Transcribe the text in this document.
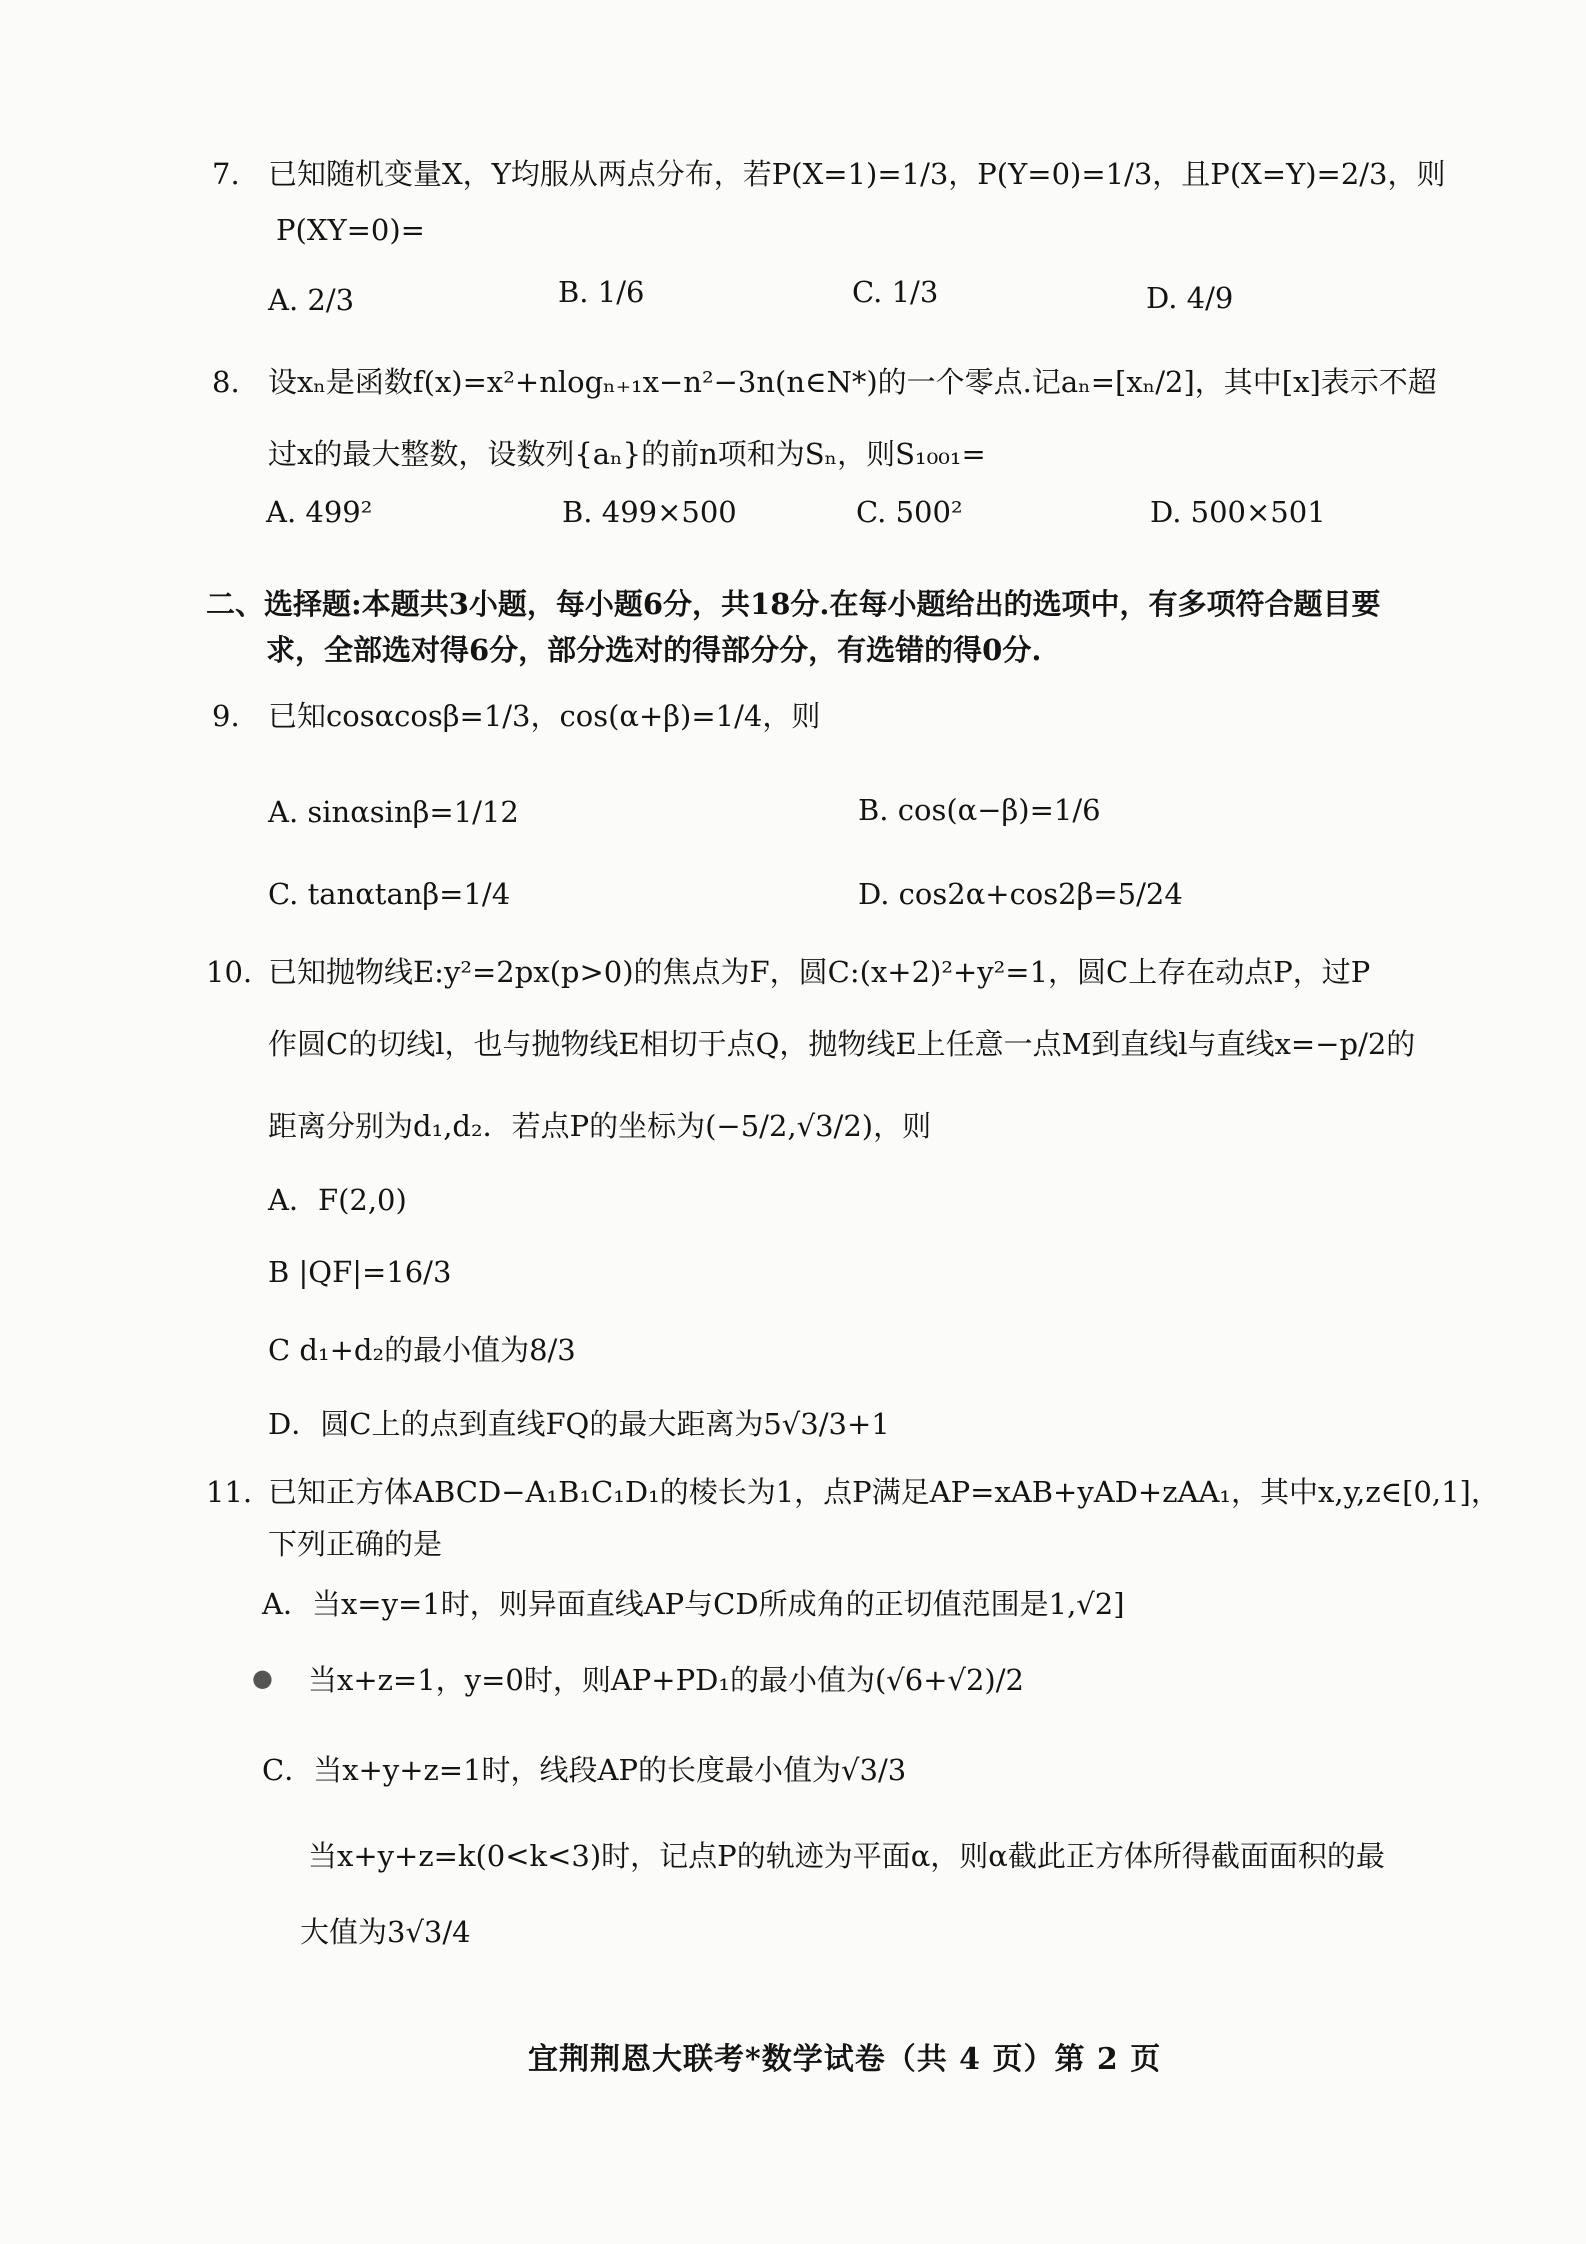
7. 已知随机变量X，Y均服从两点分布，若P(X=1)=1/3，P(Y=0)=1/3，且P(X=Y)=2/3，则
P(XY=0)=
A. 2/3	B. 1/6	C. 1/3	D. 4/9
8. 设xₙ是函数f(x)=x²+nlogₙ₊₁x−n²−3n(n∈N*)的一个零点.记aₙ=[xₙ/2]，其中[x]表示不超
过x的最大整数，设数列{aₙ}的前n项和为Sₙ，则S₁₀₀₁=
A. 499²	B. 499×500	C. 500²	D. 500×501
二、选择题:本题共3小题，每小题6分，共18分.在每小题给出的选项中，有多项符合题目要
求，全部选对得6分，部分选对的得部分分，有选错的得0分.
9. 已知cosαcosβ=1/3，cos(α+β)=1/4，则
A. sinαsinβ=1/12	B. cos(α−β)=1/6
C. tanαtanβ=1/4	D. cos2α+cos2β=5/24
10. 已知抛物线E:y²=2px(p>0)的焦点为F，圆C:(x+2)²+y²=1，圆C上存在动点P，过P
作圆C的切线l，也与抛物线E相切于点Q，抛物线E上任意一点M到直线l与直线x=−p/2的
距离分别为d₁,d₂．若点P的坐标为(−5/2,√3/2)，则
A．F(2,0)
B |QF|=16/3
C d₁+d₂的最小值为8/3
D．圆C上的点到直线FQ的最大距离为5√3/3+1
11. 已知正方体ABCD−A₁B₁C₁D₁的棱长为1，点P满足AP=xAB+yAD+zAA₁，其中x,y,z∈[0,1]，
下列正确的是
A．当x=y=1时，则异面直线AP与CD所成角的正切值范围是1,√2]
● 当x+z=1，y=0时，则AP+PD₁的最小值为(√6+√2)/2
C．当x+y+z=1时，线段AP的长度最小值为√3/3
当x+y+z=k(0<k<3)时，记点P的轨迹为平面α，则α截此正方体所得截面面积的最
大值为3√3/4
宜荆荆恩大联考*数学试卷（共 4 页）第 2 页
